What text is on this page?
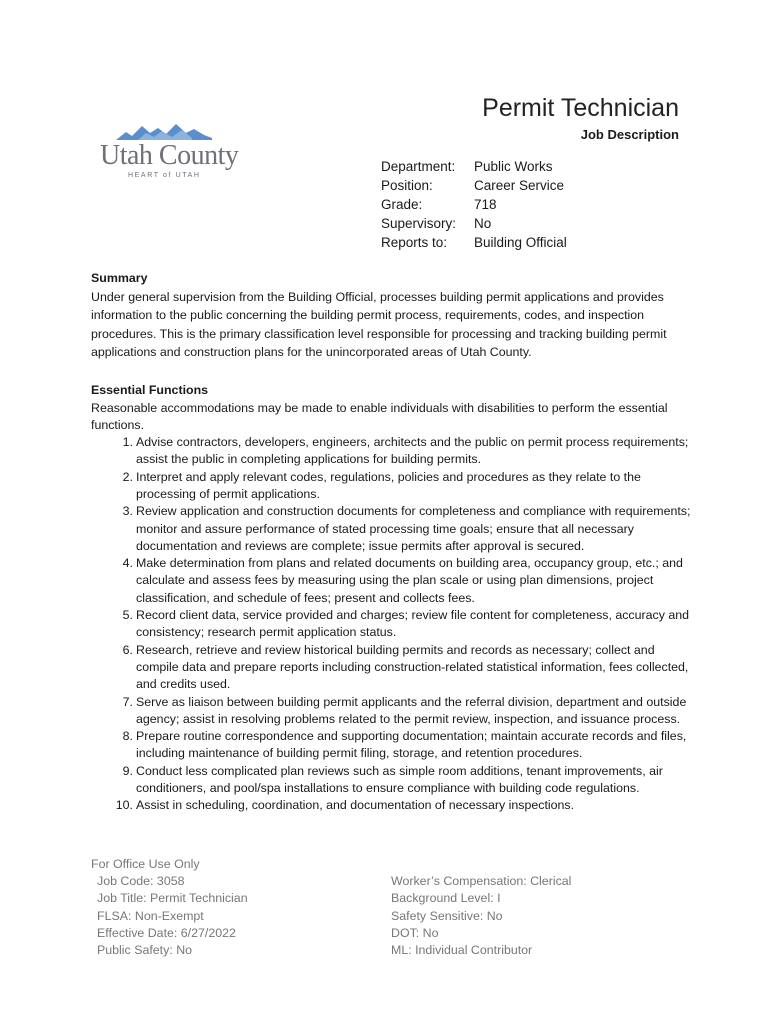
Utah County
HEART of UTAH
Permit Technician
Job Description
Department:	Public Works
Position:	Career Service
Grade:	718
Supervisory:	No
Reports to:	Building Official
Summary
Under general supervision from the Building Official, processes building permit applications and provides information to the public concerning the building permit process, requirements, codes, and inspection procedures. This is the primary classification level responsible for processing and tracking building permit applications and construction plans for the unincorporated areas of Utah County.
Essential Functions
Reasonable accommodations may be made to enable individuals with disabilities to perform the essential functions.
1. Advise contractors, developers, engineers, architects and the public on permit process requirements; assist the public in completing applications for building permits.
2. Interpret and apply relevant codes, regulations, policies and procedures as they relate to the processing of permit applications.
3. Review application and construction documents for completeness and compliance with requirements; monitor and assure performance of stated processing time goals; ensure that all necessary documentation and reviews are complete; issue permits after approval is secured.
4. Make determination from plans and related documents on building area, occupancy group, etc.; and calculate and assess fees by measuring using the plan scale or using plan dimensions, project classification, and schedule of fees; present and collects fees.
5. Record client data, service provided and charges; review file content for completeness, accuracy and consistency; research permit application status.
6. Research, retrieve and review historical building permits and records as necessary; collect and compile data and prepare reports including construction-related statistical information, fees collected, and credits used.
7. Serve as liaison between building permit applicants and the referral division, department and outside agency; assist in resolving problems related to the permit review, inspection, and issuance process.
8. Prepare routine correspondence and supporting documentation; maintain accurate records and files, including maintenance of building permit filing, storage, and retention procedures.
9. Conduct less complicated plan reviews such as simple room additions, tenant improvements, air conditioners, and pool/spa installations to ensure compliance with building code regulations.
10. Assist in scheduling, coordination, and documentation of necessary inspections.
For Office Use Only
Job Code: 3058
Job Title: Permit Technician
FLSA: Non-Exempt
Effective Date: 6/27/2022
Public Safety: No
Worker’s Compensation: Clerical
Background Level: I
Safety Sensitive: No
DOT: No
ML: Individual Contributor
